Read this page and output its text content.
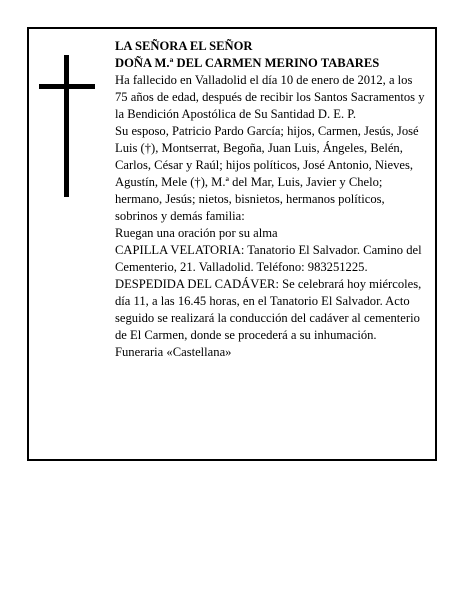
LA SEÑORA EL SEÑOR

DOÑA M.ª DEL CARMEN MERINO TABARES

Ha fallecido en Valladolid el día 10 de enero de 2012, a los 75 años de edad, después de recibir los Santos Sacramentos y la Bendición Apostólica de Su Santidad D. E. P.

Su esposo, Patricio Pardo García; hijos, Carmen, Jesús, José Luis (†), Montserrat, Begoña, Juan Luis, Ángeles, Belén, Carlos, César y Raúl; hijos políticos, José Antonio, Nieves, Agustín, Mele (†), M.ª del Mar, Luis, Javier y Chelo; hermano, Jesús; nietos, bisnietos, hermanos políticos, sobrinos y demás familia:

Ruegan una oración por su alma

CAPILLA VELATORIA: Tanatorio El Salvador. Camino del Cementerio, 21. Valladolid. Teléfono: 983251225.

DESPEDIDA DEL CADÁVER: Se celebrará hoy miércoles, día 11, a las 16.45 horas, en el Tanatorio El Salvador. Acto seguido se realizará la conducción del cadáver al cementerio de El Carmen, donde se procederá a su inhumación.

Funeraria «Castellana»
